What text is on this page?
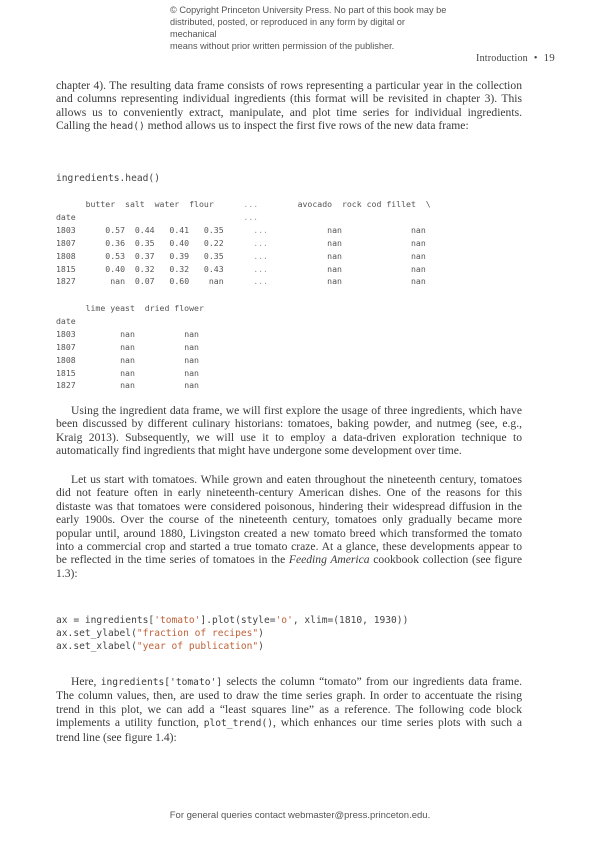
© Copyright Princeton University Press. No part of this book may be
distributed, posted, or reproduced in any form by digital or mechanical
means without prior written permission of the publisher.
Introduction • 19

chapter 4). The resulting data frame consists of rows representing a particular year in the collection and columns representing individual ingredients (this format will be revisited in chapter 3). This allows us to conveniently extract, manipulate, and plot time series for individual ingredients. Calling the head() method allows us to inspect the first five rows of the new data frame:

ingredients.head()
butter salt water flour	...	avocado rock cod fillet \
date	...
1803	0.57 0.44 0.41 0.35	...	nan	nan
1807	0.36 0.35 0.40 0.22	...	nan	nan
1808	0.53 0.37 0.39 0.35	...	nan	nan
1815	0.40 0.32 0.32 0.43	...	nan	nan
1827	nan 0.07 0.60 nan	...	nan	nan
lime yeast dried flower
date
1803	nan	nan
1807	nan	nan
1808	nan	nan
1815	nan	nan
1827	nan	nan

Using the ingredient data frame, we will first explore the usage of three ingredients, which have been discussed by different culinary historians: tomatoes, baking powder, and nutmeg (see, e.g., Kraig 2013). Subsequently, we will use it to employ a data-driven exploration technique to automatically find ingredients that might have undergone some development over time.

Let us start with tomatoes. While grown and eaten throughout the nineteenth century, tomatoes did not feature often in early nineteenth-century American dishes. One of the reasons for this distaste was that tomatoes were considered poisonous, hindering their widespread diffusion in the early 1900s. Over the course of the nineteenth century, tomatoes only gradually became more popular until, around 1880, Livingston created a new tomato breed which transformed the tomato into a commercial crop and started a true tomato craze. At a glance, these developments appear to be reflected in the time series of tomatoes in the Feeding America cookbook collection (see figure 1.3):

ax = ingredients['tomato'].plot(style='o', xlim=(1810, 1930))
ax.set_ylabel("fraction of recipes")
ax.set_xlabel("year of publication")

Here, ingredients['tomato'] selects the column “tomato” from our ingredients data frame. The column values, then, are used to draw the time series graph. In order to accentuate the rising trend in this plot, we can add a “least squares line” as a reference. The following code block implements a utility function, plot_trend(), which enhances our time series plots with such a trend line (see figure 1.4):

For general queries contact webmaster@press.princeton.edu.
